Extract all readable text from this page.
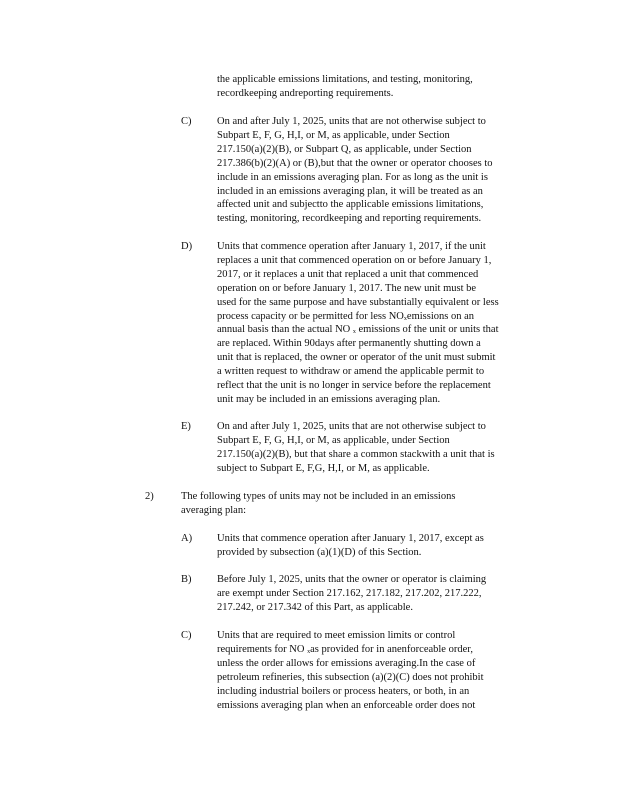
the applicable emissions limitations, and testing, monitoring,
recordkeeping andreporting requirements.
C) On and after July 1, 2025, units that are not otherwise subject to
Subpart E, F, G, H,I, or M, as applicable, under Section
217.150(a)(2)(B), or Subpart Q, as applicable, under Section
217.386(b)(2)(A) or (B),but that the owner or operator chooses to
include in an emissions averaging plan. For as long as the unit is
included in an emissions averaging plan, it will be treated as an
affected unit and subjectto the applicable emissions limitations,
testing, monitoring, recordkeeping and reporting requirements.
D) Units that commence operation after January 1, 2017, if the unit
replaces a unit that commenced operation on or before January 1,
2017, or it replaces a unit that replaced a unit that commenced
operation on or before January 1, 2017. The new unit must be
used for the same purpose and have substantially equivalent or less
process capacity or be permitted for less $NO_xemissions$ on an
annual basis than the actual NO $_x$ emissions of the unit or units that
are replaced. Within 90days after permanently shutting down a
unit that is replaced, the owner or operator of the unit must submit
a written request to withdraw or amend the applicable permit to
reflect that the unit is no longer in service before the replacement
unit may be included in an emissions averaging plan.
E) On and after July 1, 2025, units that are not otherwise subject to
Subpart E, F, G, H,I, or M, as applicable, under Section
217.150(a)(2)(B), but that share a common stackwith a unit that is
subject to Subpart E, F,G, H,I, or M, as applicable.
2)	The following types of units may not be included in an emissions
averaging plan:
A) Units that commence operation after January 1, 2017, except as
provided by subsection (a)(1)(D) of this Section.
B) Before July 1, 2025, units that the owner or operator is claiming
are exempt under Section 217.162, 217.182, 217.202, 217.222,
217.242, or 217.342 of this Part, as applicable.
C) Units that are required to meet emission limits or control
requirements for NO $_x$as provided for in anenforceable order,
unless the order allows for emissions averaging.In the case of
petroleum refineries, this subsection (a)(2)(C) does not prohibit
including industrial boilers or process heaters, or both, in an
emissions averaging plan when an enforceable order does not
